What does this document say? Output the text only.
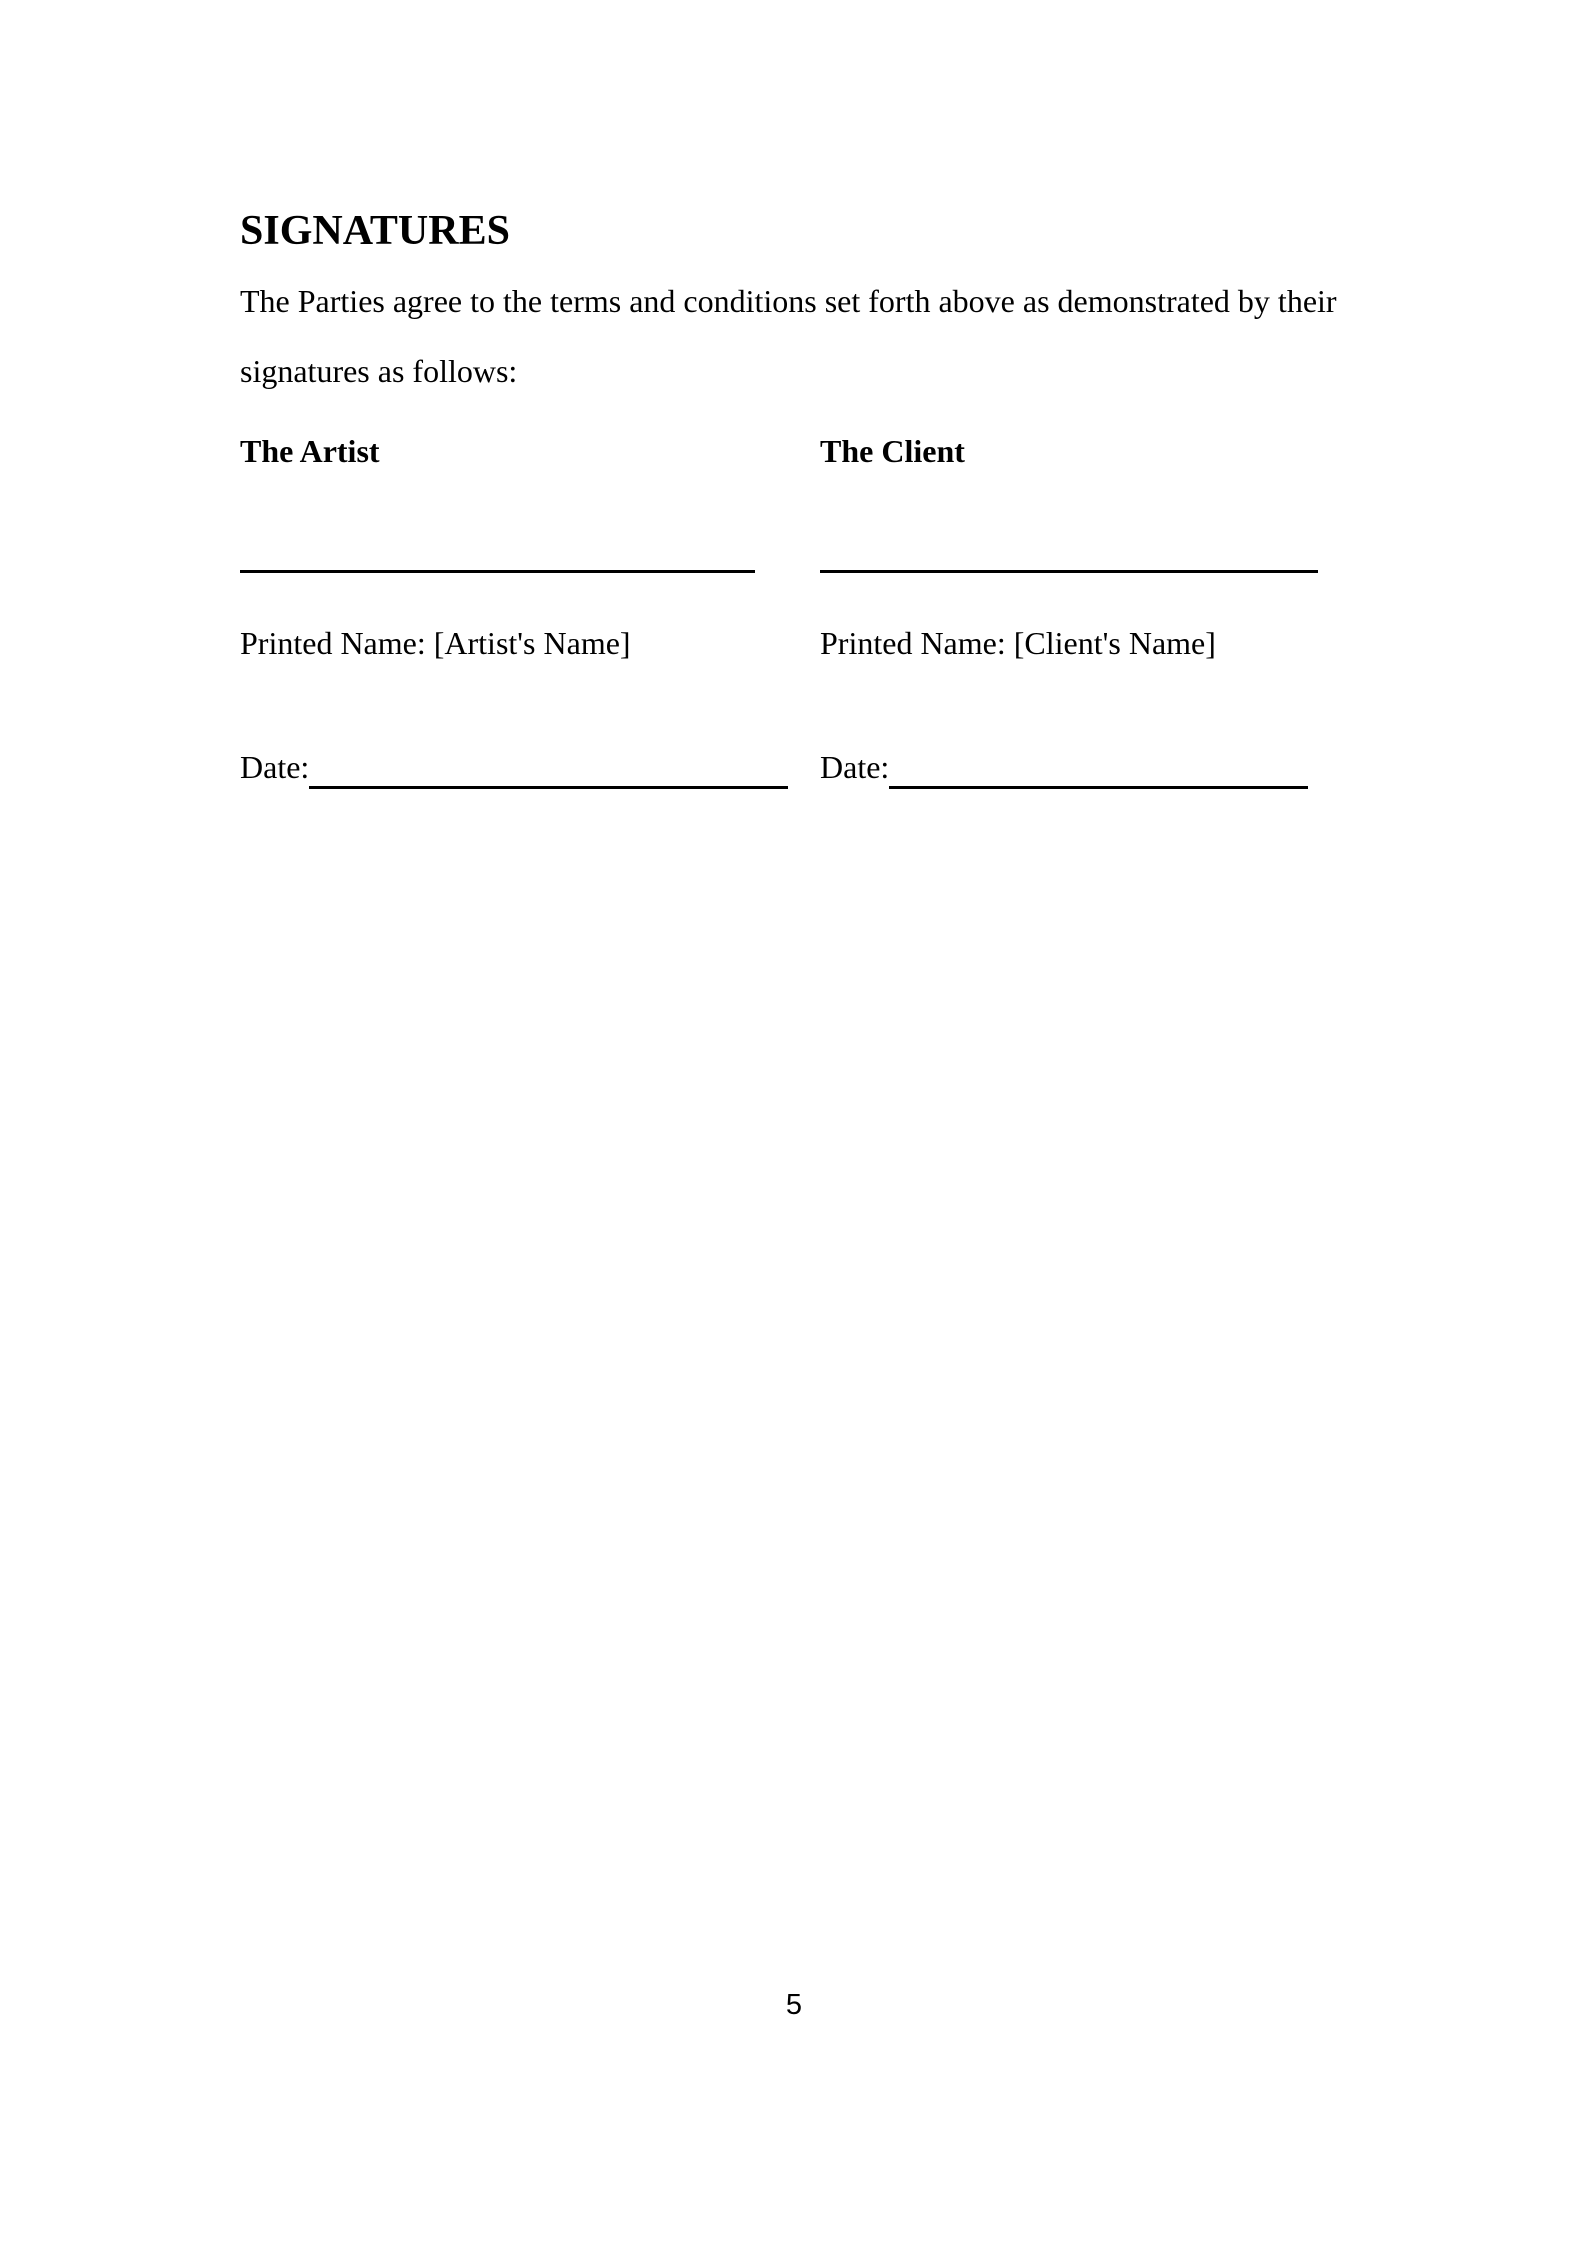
SIGNATURES

The Parties agree to the terms and conditions set forth above as demonstrated by their signatures as follows:

The Artist
Printed Name: [Artist's Name]
Date:
The Client
Printed Name: [Client's Name]
Date:
5
